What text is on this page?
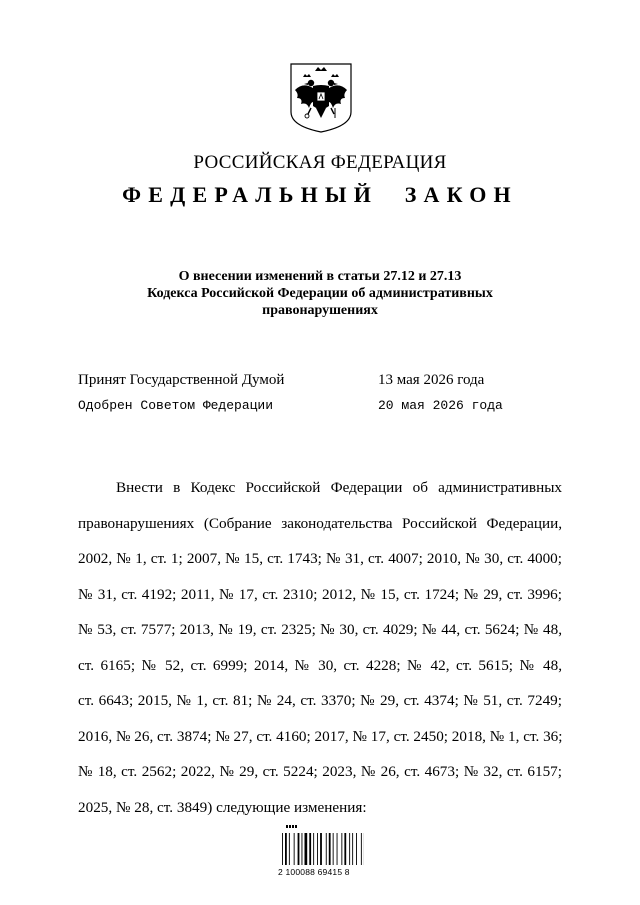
РОССИЙСКАЯ ФЕДЕРАЦИЯ
ФЕДЕРАЛЬНЫЙ ЗАКОН
О внесении изменений в статьи 27.12 и 27.13
Кодекса Российской Федерации об административных
правонарушениях
Принят Государственной Думой	13 мая 2026 года
Одобрен Советом Федерации	20 мая 2026 года
Внести в Кодекс Российской Федерации об административных
правонарушениях (Собрание законодательства Российской Федерации,
2002, № 1, ст. 1; 2007, № 15, ст. 1743; № 31, ст. 4007; 2010, № 30, ст. 4000;
№ 31, ст. 4192; 2011, № 17, ст. 2310; 2012, № 15, ст. 1724; № 29, ст. 3996;
№ 53, ст. 7577; 2013, № 19, ст. 2325; № 30, ст. 4029; № 44, ст. 5624; № 48,
ст. 6165; № 52, ст. 6999; 2014, № 30, ст. 4228; № 42, ст. 5615; № 48,
ст. 6643; 2015, № 1, ст. 81; № 24, ст. 3370; № 29, ст. 4374; № 51, ст. 7249;
2016, № 26, ст. 3874; № 27, ст. 4160; 2017, № 17, ст. 2450; 2018, № 1, ст. 36;
№ 18, ст. 2562; 2022, № 29, ст. 5224; 2023, № 26, ст. 4673; № 32, ст. 6157;
2025, № 28, ст. 3849) следующие изменения:
2 100088 69415 8
